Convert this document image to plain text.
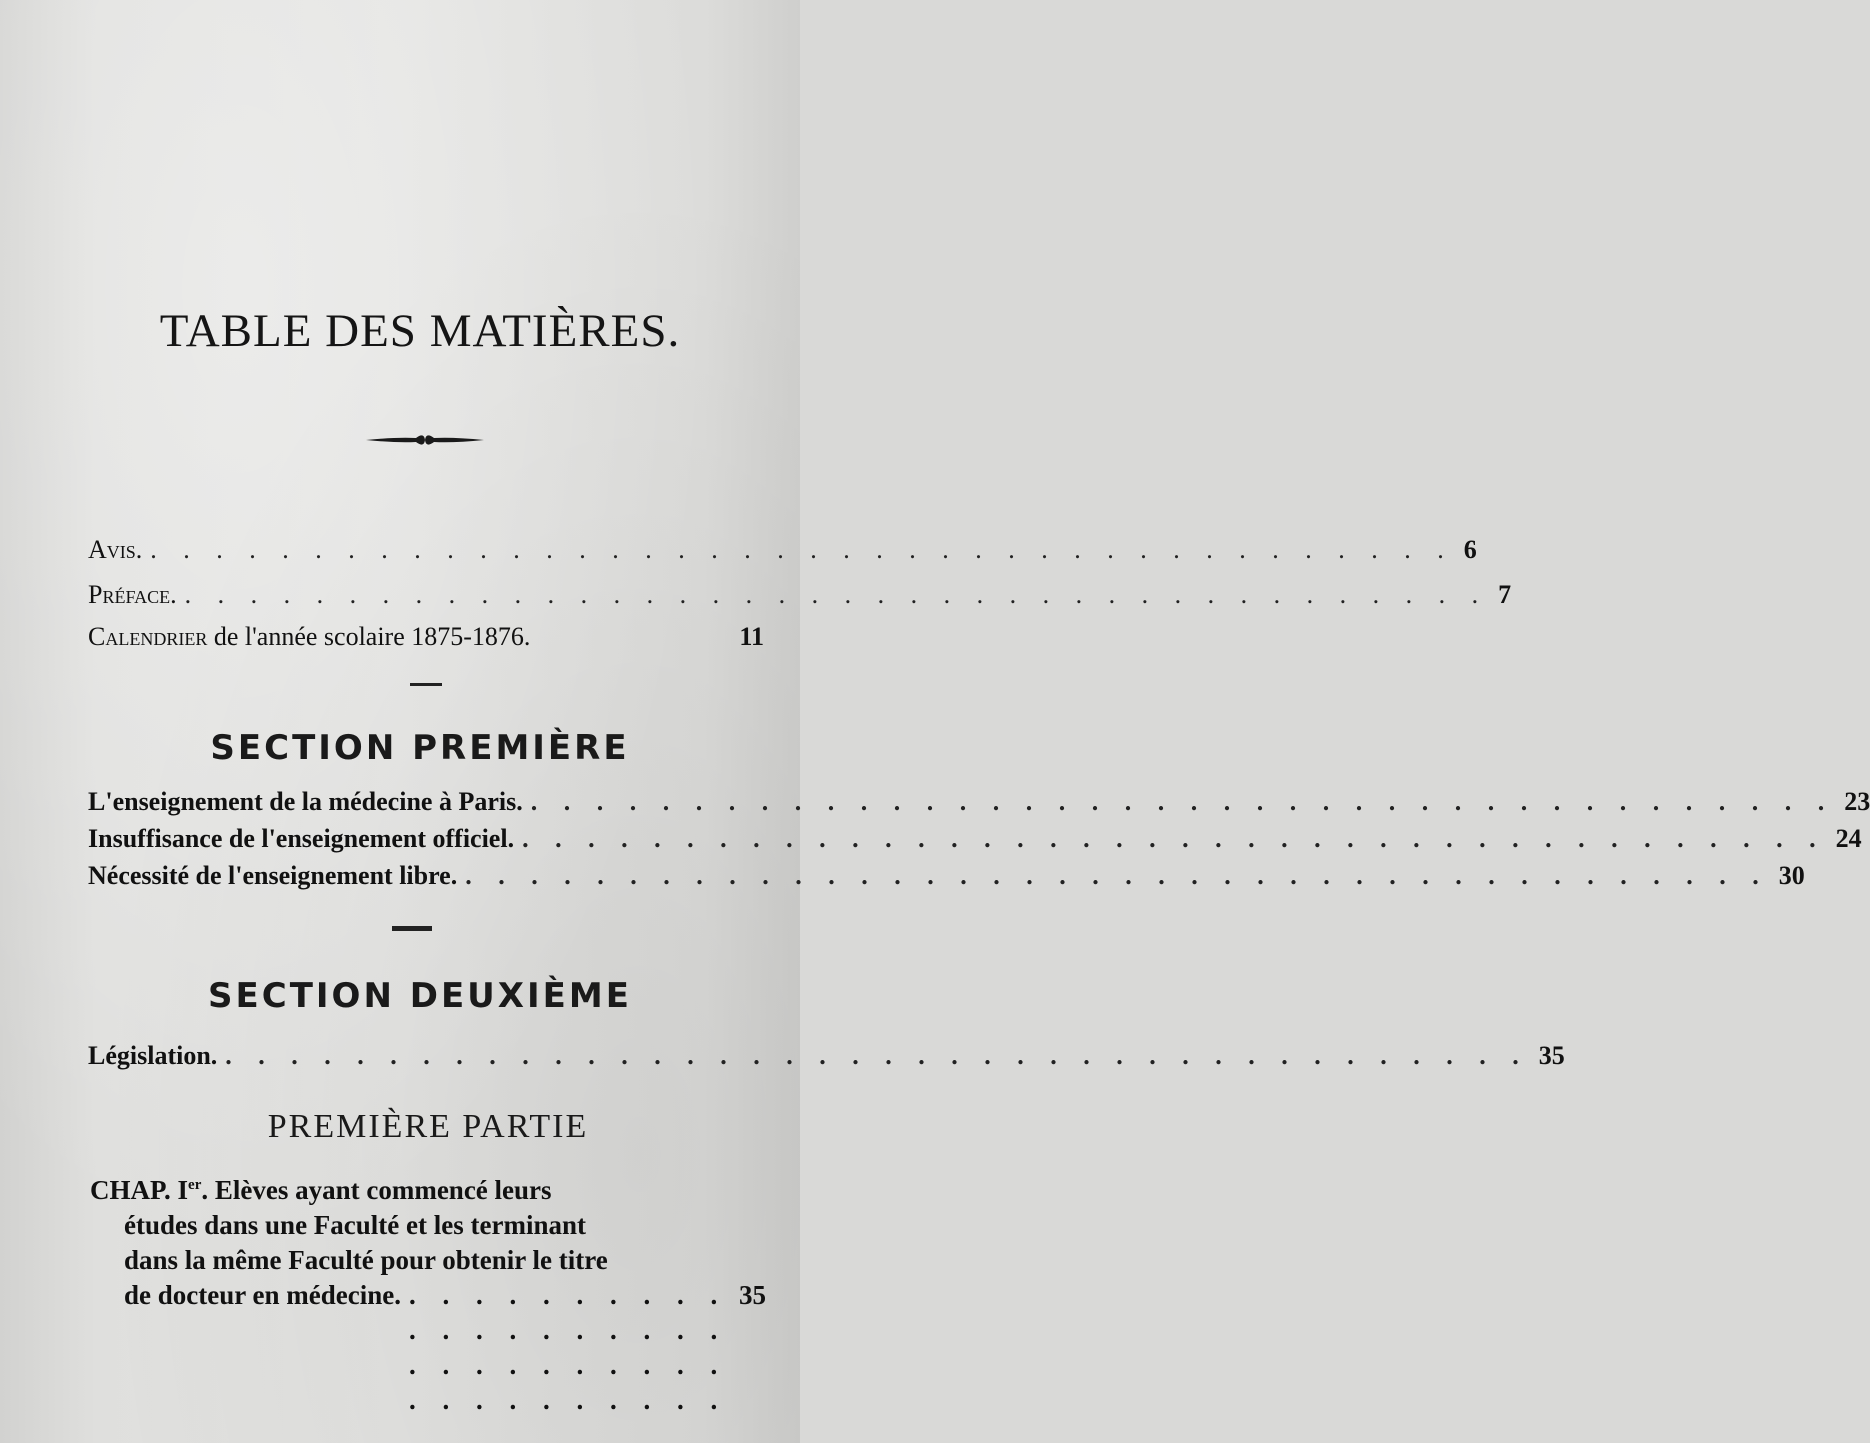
TABLE DES MATIÈRES.
Avis. . . . . . . . . . . . . . . . . . . . . . . . . . . . . . . . . . . . . . . . . 6
Préface. . . . . . . . . . . . . . . . . . . . . . . . . . . . . . . . . . . . . . . . . 7
Calendrier de l'année scolaire 1875-1876.	11
SECTION PREMIÈRE
L'enseignement de la médecine à Paris. . . . . . . . . . . . . . . . . . . . . . . . . . . . . . . . . . . . . . . . . 23
Insuffisance de l'enseignement officiel. . . . . . . . . . . . . . . . . . . . . . . . . . . . . . . . . . . . . . . . . 24
Nécessité de l'enseignement libre. . . . . . . . . . . . . . . . . . . . . . . . . . . . . . . . . . . . . . . . . 30
SECTION DEUXIÈME
Législation. . . . . . . . . . . . . . . . . . . . . . . . . . . . . . . . . . . . . . . . . 35
PREMIÈRE PARTIE
CHAP. Ier. Elèves ayant commencé leurs
études dans une Faculté et les terminant
dans la même Faculté pour obtenir le titre
de docteur en médecine. . . . . . . . . . . . . . . . . . . . . . . . . . . . . . . . . . . . . . . . .
35
